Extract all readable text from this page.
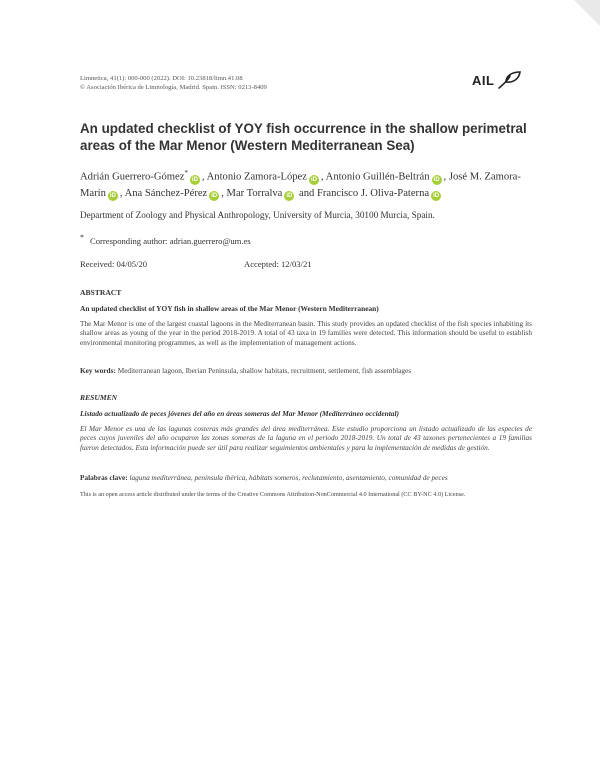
Limnetica, 41(1): 000-000 (2022). DOI: 10.23818/limn.41.08
© Asociación Ibérica de Limnología, Madrid. Spain. ISSN: 0213-8409	AIL
An updated checklist of YOY fish occurrence in the shallow perimetral areas of the Mar Menor (Western Mediterranean Sea)
Adrián Guerrero-Gómez*iD , Antonio Zamora-López iD , Antonio Guillén-Beltrán iD , José M. Zamora-Marín iD , Ana Sánchez-Pérez iD , Mar Torralva iD and Francisco J. Oliva-Paterna iD
Department of Zoology and Physical Anthropology, University of Murcia, 30100 Murcia, Spain.
* Corresponding author: adrian.guerrero@um.es
Received: 04/05/20	Accepted: 12/03/21
ABSTRACT
An updated checklist of YOY fish in shallow areas of the Mar Menor (Western Mediterranean)
The Mar Menor is one of the largest coastal lagoons in the Mediterranean basin. This study provides an updated checklist of the fish species inhabiting its shallow areas as young of the year in the period 2018-2019. A total of 43 taxa in 19 families were detected. This information should be useful to establish environmental monitoring programmes, as well as the implementation of management actions.
Key words: Mediterranean lagoon, Iberian Peninsula, shallow habitats, recruitment, settlement, fish assemblages
RESUMEN
Listado actualizado de peces jóvenes del año en áreas someras del Mar Menor (Mediterráneo occidental)
El Mar Menor es una de las lagunas costeras más grandes del área mediterránea. Este estudio proporciona un listado actualizado de las especies de peces cuyos juveniles del año ocuparon las zonas someras de la laguna en el periodo 2018-2019. Un total de 43 taxones pertenecientes a 19 familias fueron detectados. Esta información puede ser útil para realizar seguimientos ambientales y para la implementación de medidas de gestión.
Palabras clave: laguna mediterránea, península ibérica, hábitats someros, reclutamiento, asentamiento, comunidad de peces
This is an open access article distributed under the terms of the Creative Commons Attribution-NonCommercial 4.0 International (CC BY-NC 4.0) License.
